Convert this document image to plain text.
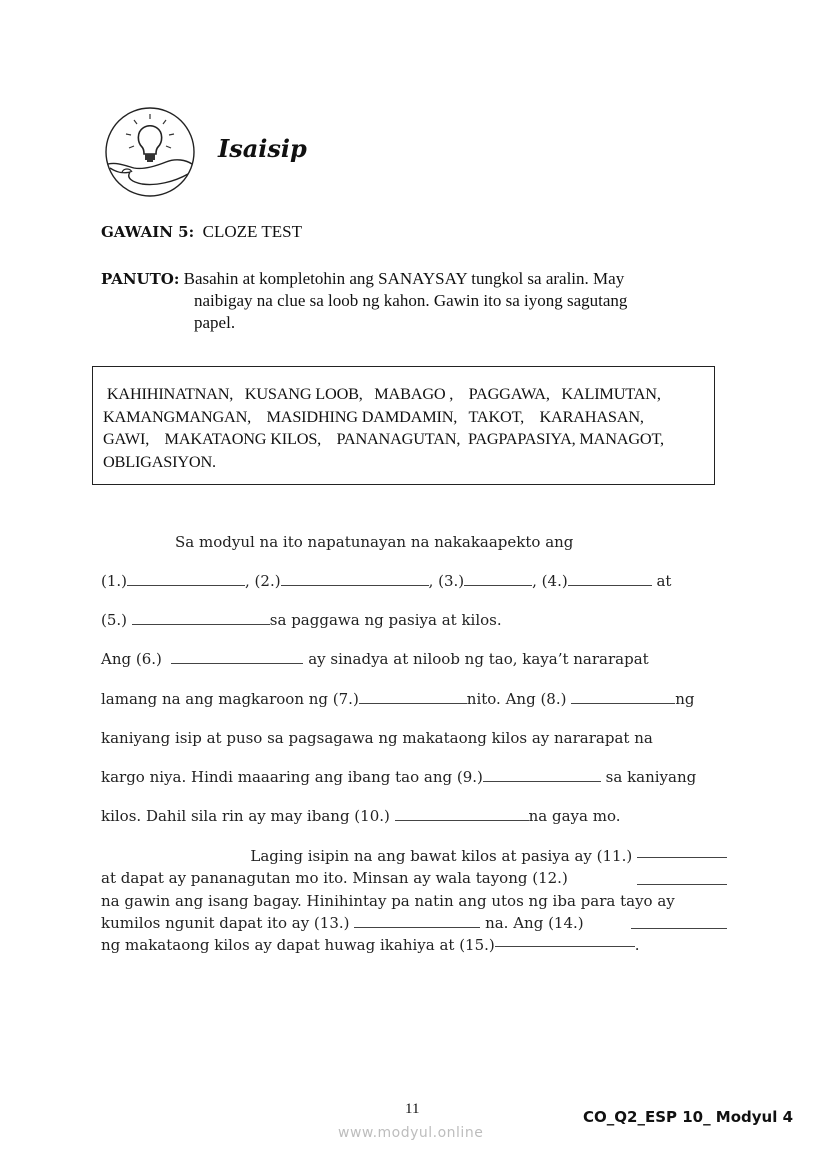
Isaisip
GAWAIN 5: CLOZE TEST
PANUTO: Basahin at kompletohin ang SANAYSAY tungkol sa aralin. May
naibigay na clue sa loob ng kahon. Gawin ito sa iyong sagutang
papel.
KAHIHINATNAN,   KUSANG LOOB,   MABAGO ,    PAGGAWA,   KALIMUTAN,
KAMANGMANGAN,    MASIDHING DAMDAMIN,   TAKOT,    KARAHASAN,
GAWI,    MAKATAONG KILOS,    PANANAGUTAN,  PAGPAPASIYA, MANAGOT,
OBLIGASIYON.
Sa modyul na ito napatunayan na nakakaapekto ang
(1.)	, (2.)	, (3.)	, (4.)	at
(5.)	sa paggawa ng pasiya at kilos.
Ang (6.)	ay sinadya at niloob ng tao, kaya’t nararapat
lamang na ang magkaroon ng (7.)	nito. Ang (8.)	ng
kaniyang isip at puso sa pagsagawa ng makataong kilos ay nararapat na
kargo niya. Hindi maaaring ang ibang tao ang (9.)	sa kaniyang
kilos. Dahil sila rin ay may ibang (10.)	na gaya mo.
Laging isipin na ang bawat kilos at pasiya ay (11.)

at dapat ay pananagutan mo ito. Minsan ay wala tayong (12.)
na gawin ang isang bagay. Hinihintay pa natin ang utos ng iba para tayo ay
kumilos ngunit dapat ito ay (13.)	na. Ang (14.)
ng makataong kilos ay dapat huwag ikahiya at (15.)	.
11
www.modyul.online
CO_Q2_ESP 10_ Modyul 4
